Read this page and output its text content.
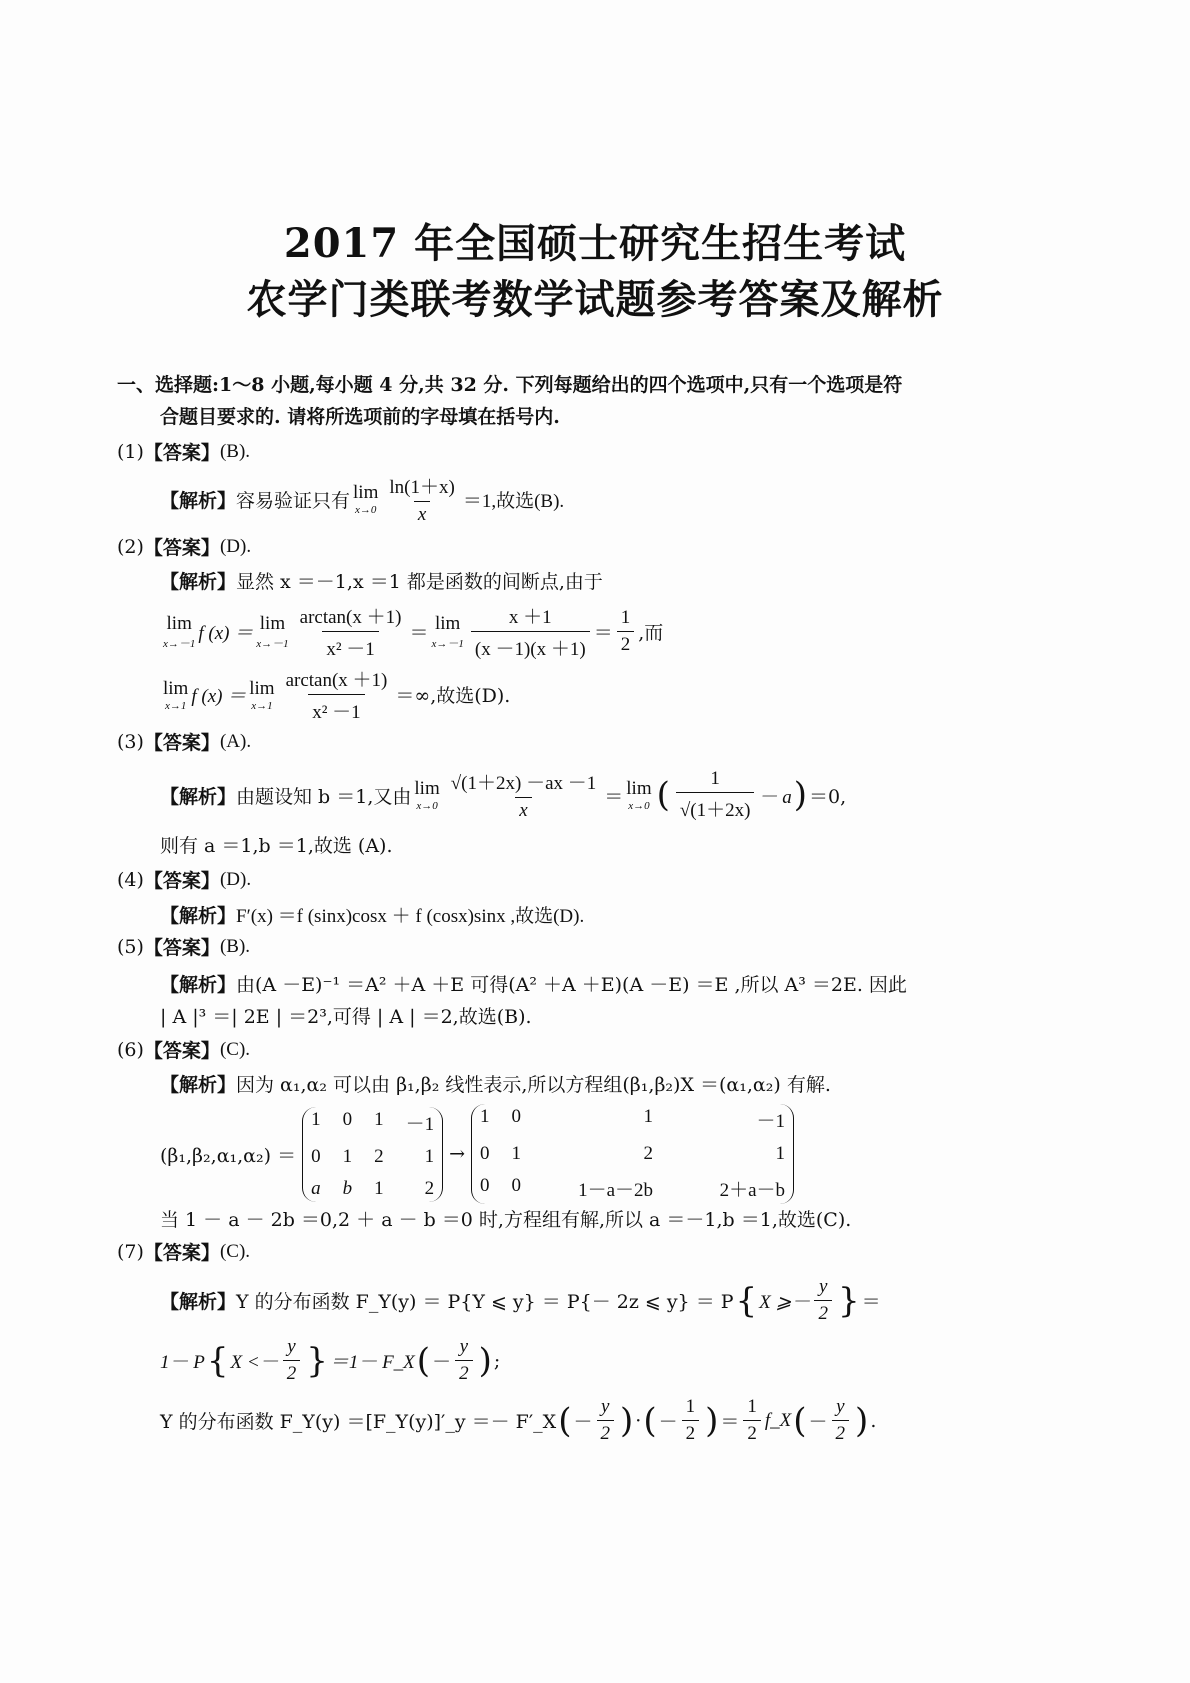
2017 年全国硕士研究生招生考试
农学门类联考数学试题参考答案及解析
一、选择题:1～8 小题,每小题 4 分,共 32 分. 下列每题给出的四个选项中,只有一个选项是符
合题目要求的. 请将所选项前的字母填在括号内.
(1) 【答案】 (B).
【解析】 容易验证只有 lim
$x\to 0 \frac{\ln(1+x)}{x} =1$,故选(B).
(2) 【答案】 (D).
【解析】 显然 x ＝－1,x ＝1 都是函数的间断点,由于
lim
x→－1 f (x) ＝ lim
$x\to-1 \frac{\arctan(x +1)}{\text{x² －1}} = \lim$
$x\to-1 \frac{x +1}{(x -1)(x +1)} = \frac{1}{2}$ ,而
lim
x→1 f (x) ＝ lim
$x\to 1 \frac{\arctan(x +1)}{\text{x² －1}}$ ＝∞,故选(D).
(3) 【答案】 (A).
【解析】 由题设知 b ＝1,又由 lim
$x\to 0 \frac{√(1+2x) -ax -1}{x} = \lim$
x→0 ( $\frac{1}{√(1+2x)} - a$ ) ＝0,
则有 a ＝1,b ＝1,故选 (A).
(4) 【答案】 (D).
【解析】 F′(x) ＝f (sinx)cosx ＋ f (cosx)sinx ,故选(D).
(5) 【答案】 (B).
【解析】 由(A －E)⁻¹ ＝A² ＋A ＋E 可得(A² ＋A ＋E)(A －E) ＝E ,所以 A³ ＝2E. 因此
| A |³ ＝| 2E | ＝2³,可得 | A | ＝2,故选(B).
(6) 【答案】 (C).
【解析】 因为 α₁,α₂ 可以由 β₁,β₂ 线性表示,所以方程组(β₁,β₂)X ＝(α₁,α₂) 有解.
(β₁,β₂,α₁,α₂) ＝
1 0 1 －1
0 1 2	1
a b 1	2
→
1 0	1	－1
0 1	2	1
0 0	1－a－2b	2＋a－b
当 1 － a － 2b ＝0,2 ＋ a － b ＝0 时,方程组有解,所以 a ＝－1,b ＝1,故选(C).
(7) 【答案】 (C).
【解析】 Y 的分布函数 F_Y(y) ＝ P{Y ⩽ y} ＝ P{－ 2z ⩽ y} ＝ P { X ⩾－ $\frac{y}{2}$ } ＝
1－ P { $X <- \frac{y}{2}$ } ＝1－ F_X ( － $\frac{y}{2}$ ) ;
Y 的分布函数 F_Y(y) ＝[F_Y(y)]′_y ＝－ F′_X ( － $\frac{y}{2}$ ) · ( － $\frac{1}{2}$ ) ＝ $\frac{1}{2}$ f_X ( － $\frac{y}{2}$ ) .
